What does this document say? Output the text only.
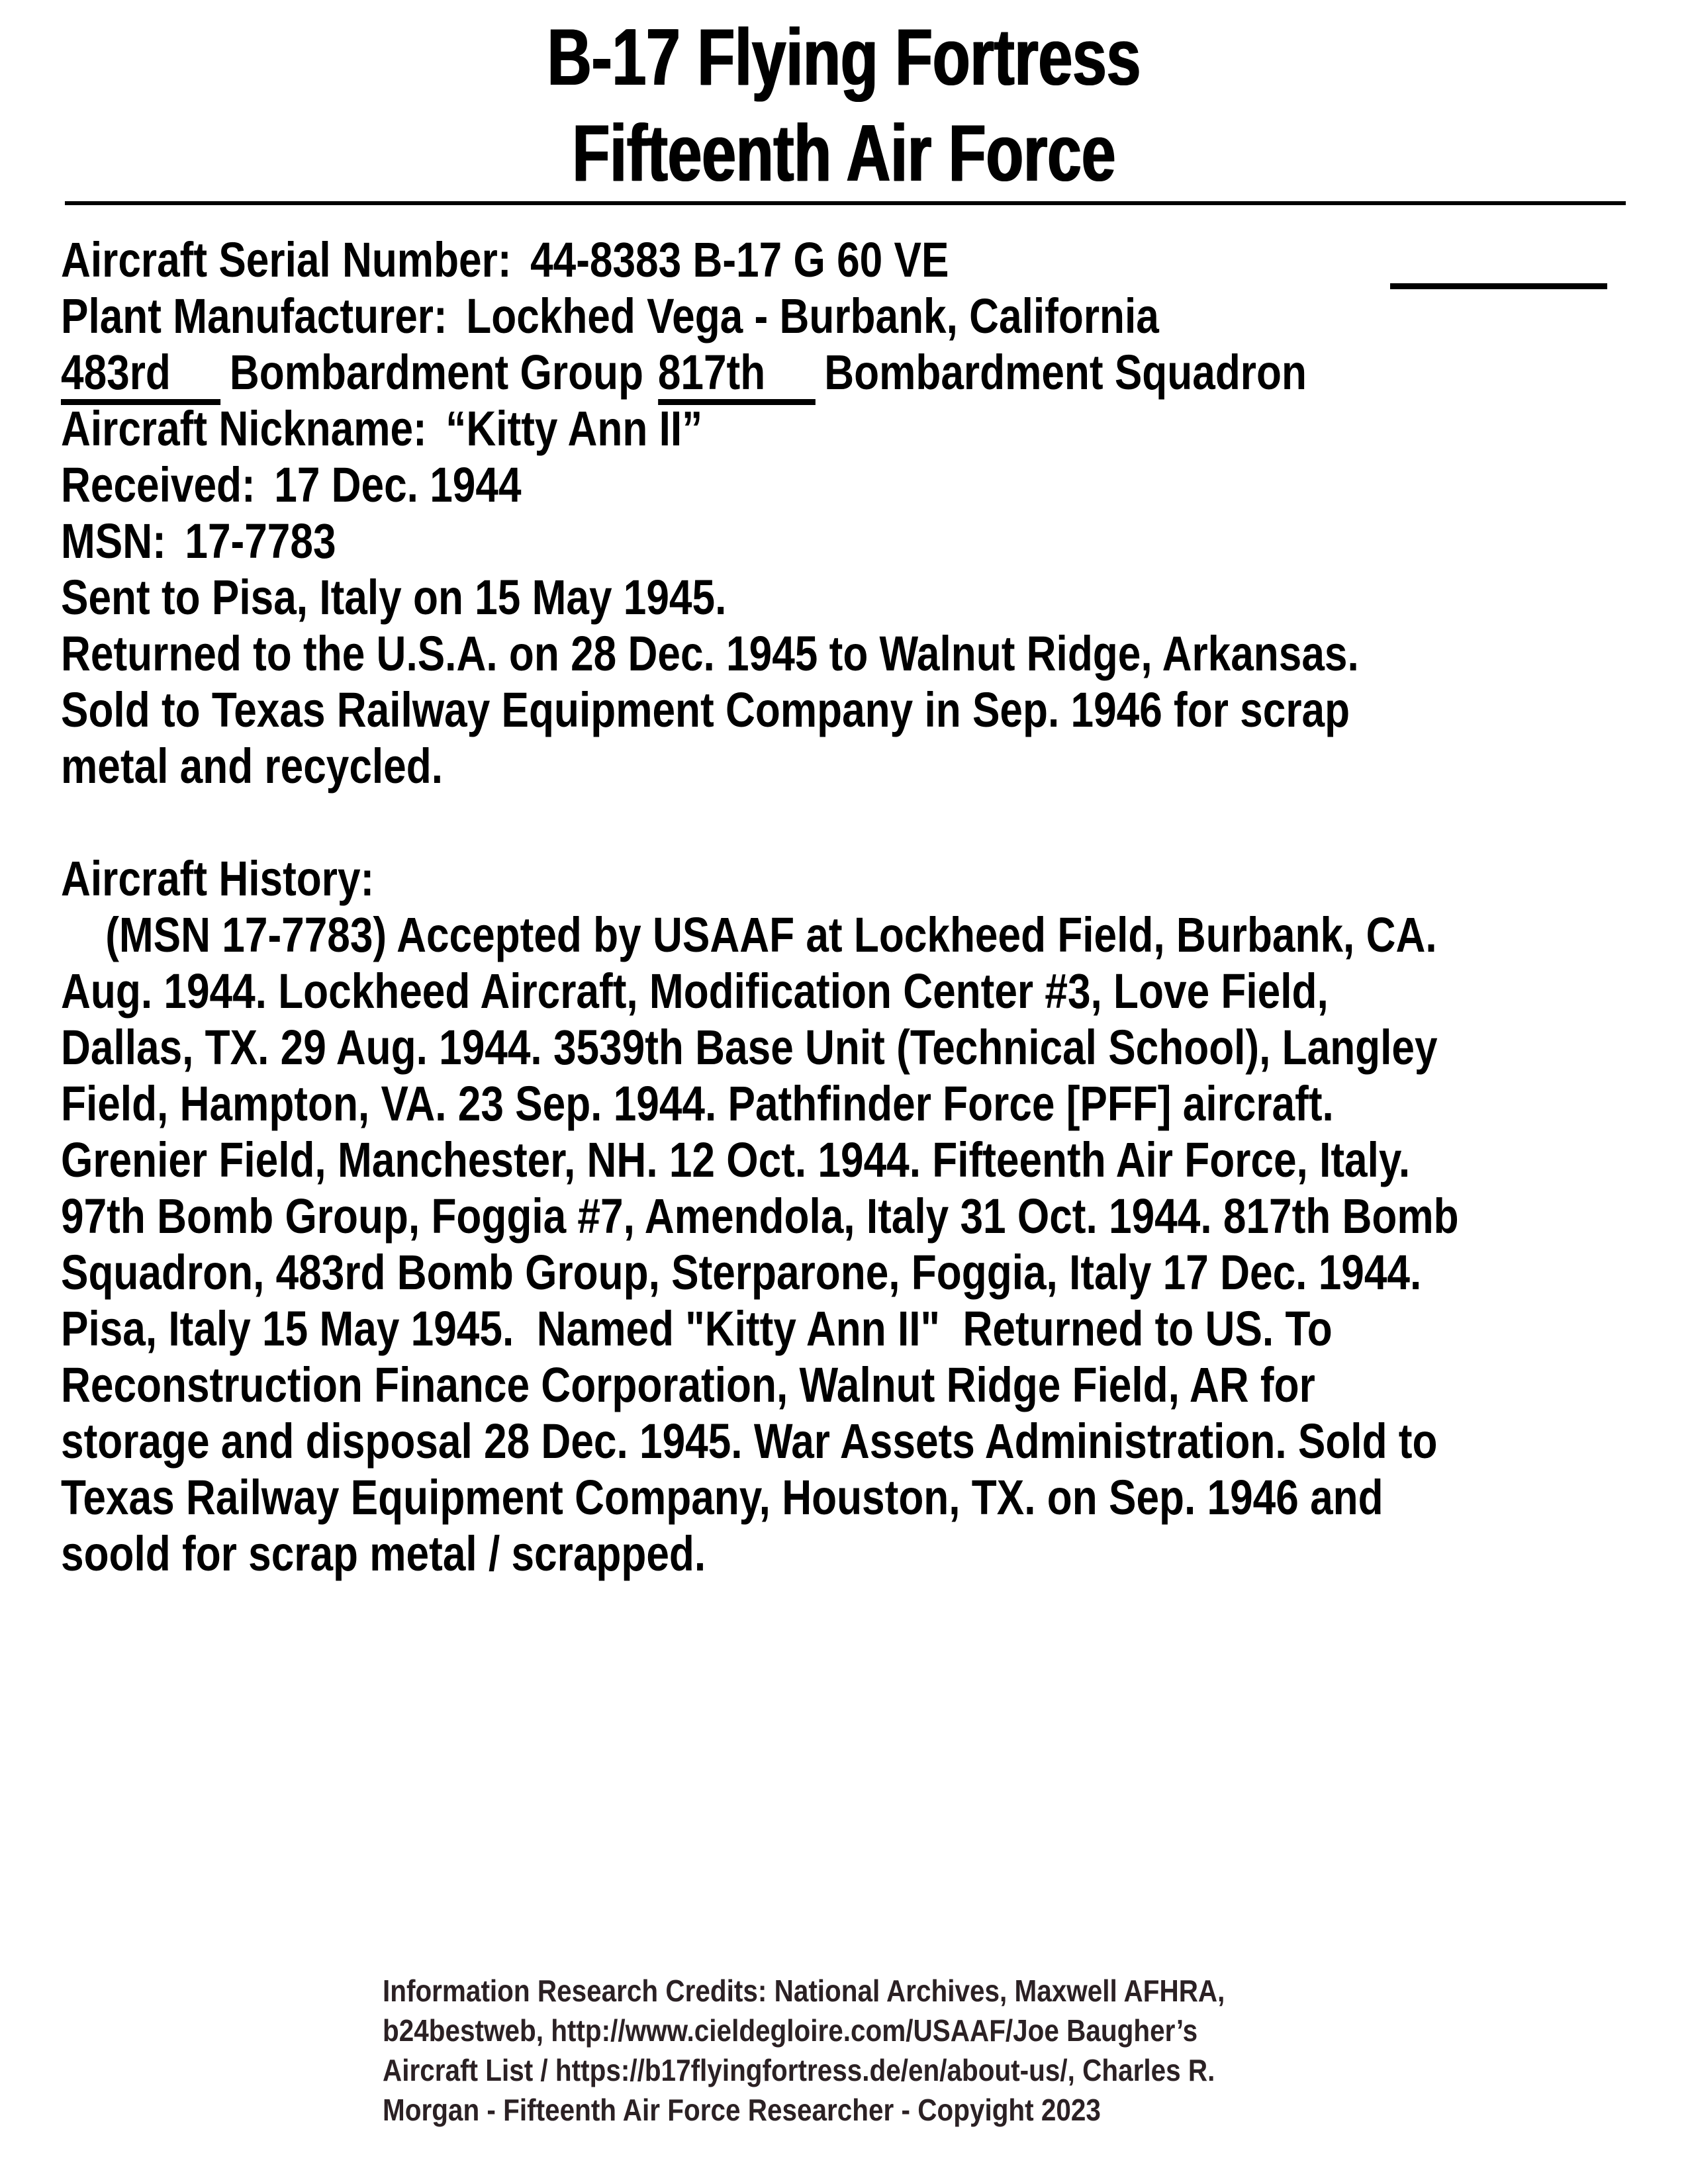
B-17 Flying Fortress
Fifteenth Air Force
Aircraft Serial Number: 44-8383 B-17 G 60 VE
Plant Manufacturer: Lockhed Vega - Burbank, California
483rd Bombardment Group 817th Bombardment Squadron
Aircraft Nickname: “Kitty Ann II”
Received: 17 Dec. 1944
MSN: 17-7783
Sent to Pisa, Italy on 15 May 1945.
Returned to the U.S.A. on 28 Dec. 1945 to Walnut Ridge, Arkansas.
Sold to Texas Railway Equipment Company in Sep. 1946 for scrap
metal and recycled.
Aircraft History:
(MSN 17-7783) Accepted by USAAF at Lockheed Field, Burbank, CA.
Aug. 1944. Lockheed Aircraft, Modification Center #3, Love Field,
Dallas, TX. 29 Aug. 1944. 3539th Base Unit (Technical School), Langley
Field, Hampton, VA. 23 Sep. 1944. Pathfinder Force [PFF] aircraft.
Grenier Field, Manchester, NH. 12 Oct. 1944. Fifteenth Air Force, Italy.
97th Bomb Group, Foggia #7, Amendola, Italy 31 Oct. 1944. 817th Bomb
Squadron, 483rd Bomb Group, Sterparone, Foggia, Italy 17 Dec. 1944.
Pisa, Italy 15 May 1945.  Named "Kitty Ann II"  Returned to US. To
Reconstruction Finance Corporation, Walnut Ridge Field, AR for
storage and disposal 28 Dec. 1945. War Assets Administration. Sold to
Texas Railway Equipment Company, Houston, TX. on Sep. 1946 and
soold for scrap metal / scrapped.
Information Research Credits: National Archives, Maxwell AFHRA,
b24bestweb, http://www.cieldegloire.com/USAAF/Joe Baugher’s
Aircraft List / https://b17flyingfortress.de/en/about-us/, Charles R.
Morgan - Fifteenth Air Force Researcher - Copyight 2023
